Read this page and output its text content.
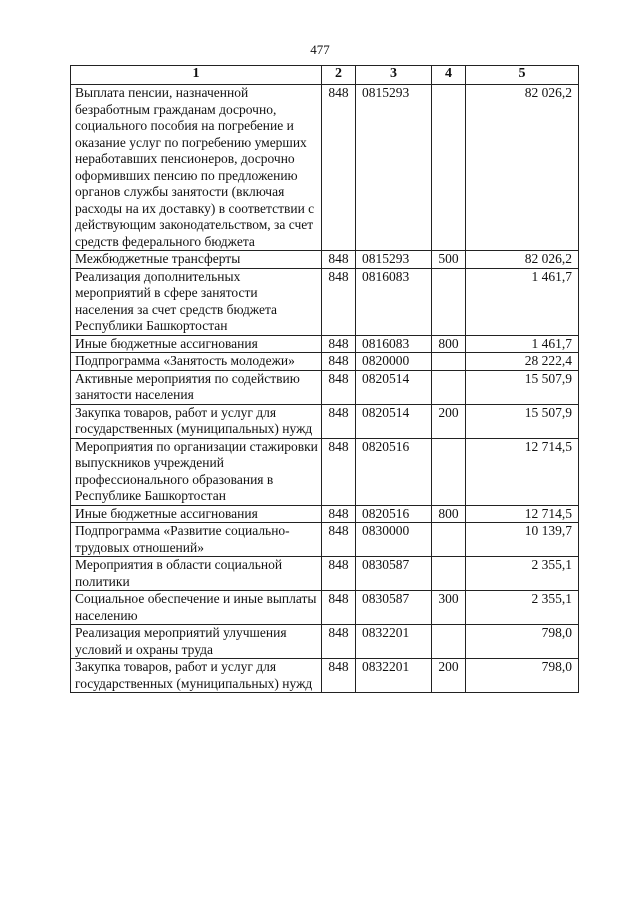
477
1	2	3	4	5
Выплата пенсии, назначенной безработным гражданам досрочно, социального пособия на погребение и оказание услуг по погребению умерших неработавших пенсионеров, досрочно оформивших пенсию по предложению органов службы занятости (включая расходы на их доставку) в соответствии с действующим законодательством, за счет средств федерального бюджета	848	0815293		82 026,2
Межбюджетные трансферты	848	0815293	500	82 026,2
Реализация дополнительных мероприятий в сфере занятости населения за счет средств бюджета Республики Башкортостан	848	0816083		1 461,7
Иные бюджетные ассигнования	848	0816083	800	1 461,7
Подпрограмма «Занятость молодежи»	848	0820000		28 222,4
Активные мероприятия по содействию занятости населения	848	0820514		15 507,9
Закупка товаров, работ и услуг для государственных (муниципальных) нужд	848	0820514	200	15 507,9
Мероприятия по организации стажировки выпускников учреждений профессионального образования в Республике Башкортостан	848	0820516		12 714,5
Иные бюджетные ассигнования	848	0820516	800	12 714,5
Подпрограмма «Развитие социально-трудовых отношений»	848	0830000		10 139,7
Мероприятия в области социальной политики	848	0830587		2 355,1
Социальное обеспечение и иные выплаты населению	848	0830587	300	2 355,1
Реализация мероприятий улучшения условий и охраны труда	848	0832201		798,0
Закупка товаров, работ и услуг для государственных (муниципальных) нужд	848	0832201	200	798,0
